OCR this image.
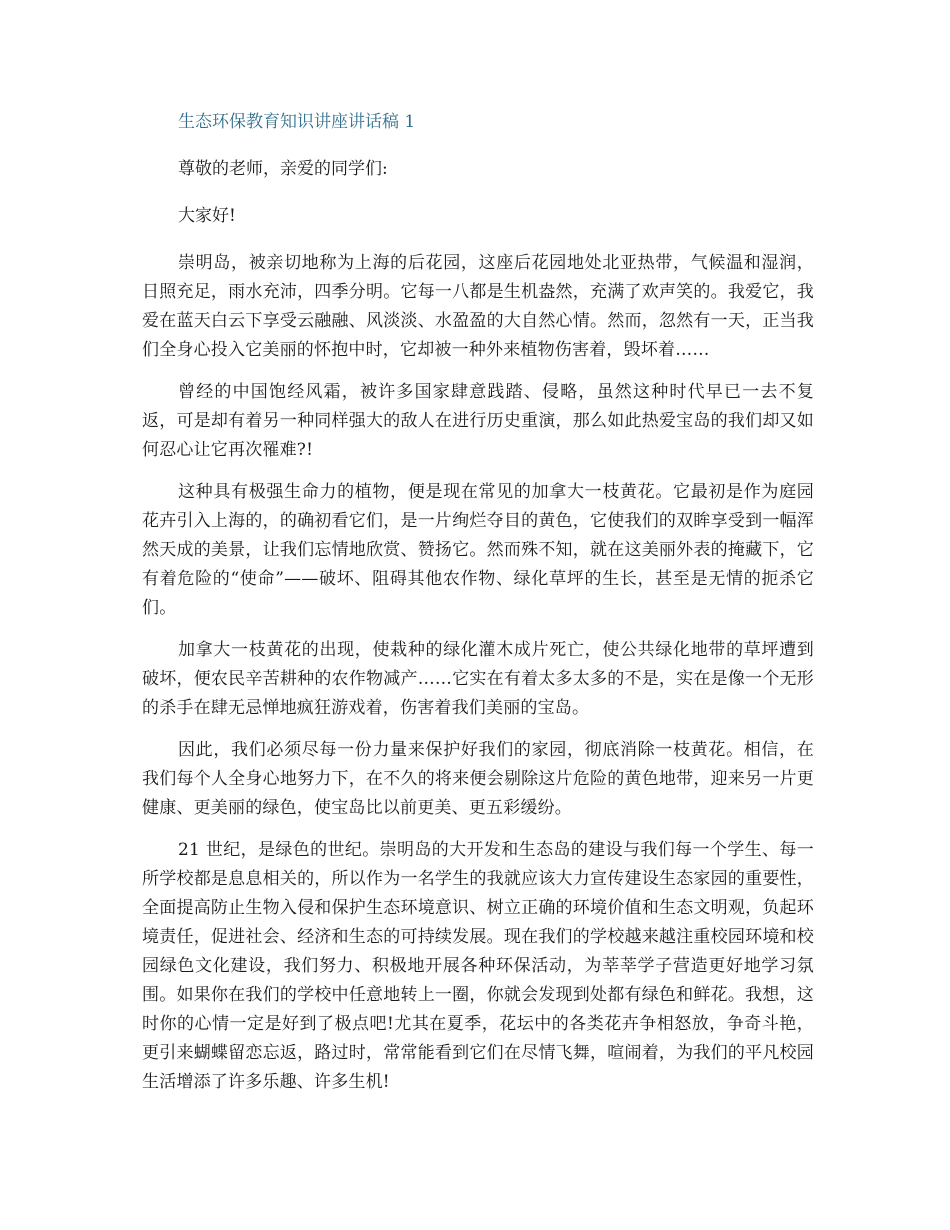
生态环保教育知识讲座讲话稿 1

尊敬的老师，亲爱的同学们:

大家好!

崇明岛，被亲切地称为上海的后花园，这座后花园地处北亚热带，气候温和湿润，日照充足，雨水充沛，四季分明。它每一八都是生机盎然，充满了欢声笑的。我爱它，我爱在蓝天白云下享受云融融、风淡淡、水盈盈的大自然心情。然而，忽然有一天，正当我们全身心投入它美丽的怀抱中时，它却被一种外来植物伤害着，毁坏着……

曾经的中国饱经风霜，被许多国家肆意践踏、侵略，虽然这种时代早已一去不复返，可是却有着另一种同样强大的敌人在进行历史重演，那么如此热爱宝岛的我们却又如何忍心让它再次罹难?!

这种具有极强生命力的植物，便是现在常见的加拿大一枝黄花。它最初是作为庭园花卉引入上海的，的确初看它们，是一片绚烂夺目的黄色，它使我们的双眸享受到一幅浑然天成的美景，让我们忘情地欣赏、赞扬它。然而殊不知，就在这美丽外表的掩藏下，它有着危险的“使命”——破坏、阻碍其他农作物、绿化草坪的生长，甚至是无情的扼杀它们。

加拿大一枝黄花的出现，使栽种的绿化灌木成片死亡，使公共绿化地带的草坪遭到破坏，便农民辛苦耕种的农作物减产……它实在有着太多太多的不是，实在是像一个无形的杀手在肆无忌惮地疯狂游戏着，伤害着我们美丽的宝岛。

因此，我们必须尽每一份力量来保护好我们的家园，彻底消除一枝黄花。相信，在我们每个人全身心地努力下，在不久的将来便会剔除这片危险的黄色地带，迎来另一片更健康、更美丽的绿色，使宝岛比以前更美、更五彩缓纷。

21 世纪，是绿色的世纪。崇明岛的大开发和生态岛的建设与我们每一个学生、每一所学校都是息息相关的，所以作为一名学生的我就应该大力宣传建设生态家园的重要性，全面提高防止生物入侵和保护生态环境意识、树立正确的环境价值和生态文明观，负起环境责任，促进社会、经济和生态的可持续发展。现在我们的学校越来越注重校园环境和校园绿色文化建设，我们努力、积极地开展各种环保活动，为莘莘学子营造更好地学习氛围。如果你在我们的学校中任意地转上一圈，你就会发现到处都有绿色和鲜花。我想，这时你的心情一定是好到了极点吧!尤其在夏季，花坛中的各类花卉争相怒放，争奇斗艳，更引来蝴蝶留恋忘返，路过时，常常能看到它们在尽情飞舞，喧闹着，为我们的平凡校园生活增添了许多乐趣、许多生机!
